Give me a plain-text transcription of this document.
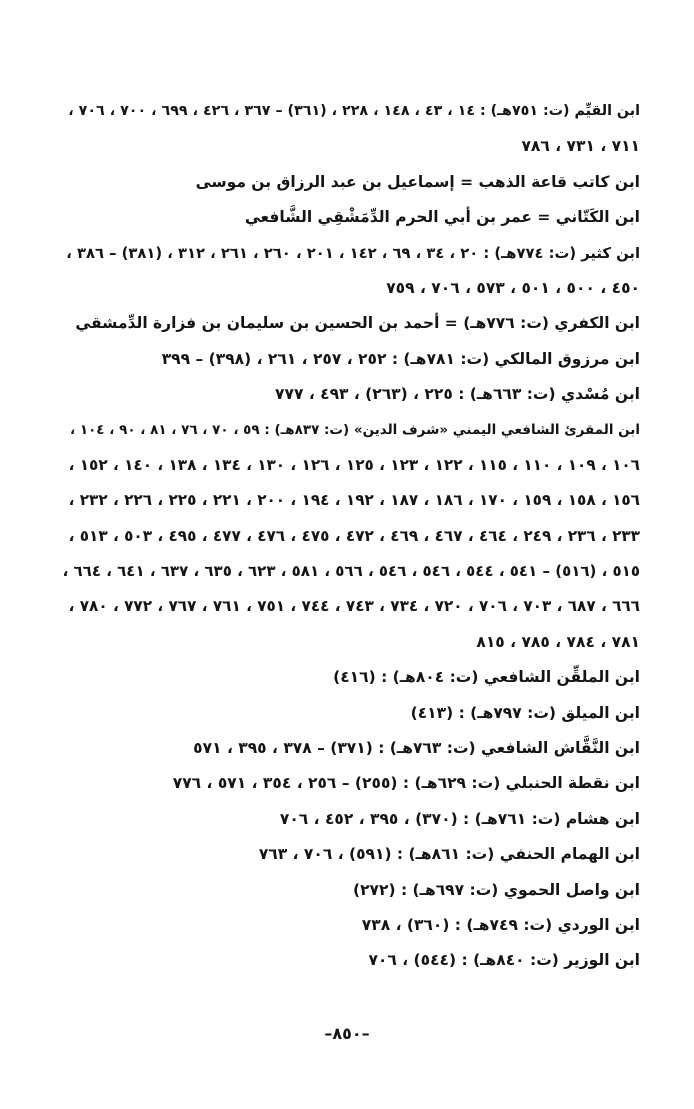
ابن القيِّم (ت: ٧٥١هـ) : ١٤ ، ٤٣ ، ١٤٨ ، ٢٢٨ ، (٣٦١) – ٣٦٧ ، ٤٢٦ ، ٦٩٩ ، ٧٠٠ ، ٧٠٦ ،
٧١١ ، ٧٣١ ، ٧٨٦
ابن كاتب قاعة الذهب = إسماعيل بن عبد الرزاق بن موسى
ابن الكَتّاني = عمر بن أبي الحرم الدِّمَشْقِي الشَّافعي
ابن كثير (ت: ٧٧٤هـ) : ٢٠ ، ٣٤ ، ٦٩ ، ١٤٢ ، ٢٠١ ، ٢٦٠ ، ٢٦١ ، ٣١٢ ، (٣٨١) – ٣٨٦ ،
٤٥٠ ، ٥٠٠ ، ٥٠١ ، ٥٧٣ ، ٧٠٦ ، ٧٥٩
ابن الكفري (ت: ٧٧٦هـ) = أحمد بن الحسين بن سليمان بن فزارة الدِّمشقي
ابن مرزوق المالكي (ت: ٧٨١هـ) : ٢٥٢ ، ٢٥٧ ، ٢٦١ ، (٣٩٨) – ٣٩٩
ابن مُسْدي (ت: ٦٦٣هـ) : ٢٢٥ ، (٢٦٣) ، ٤٩٣ ، ٧٧٧
ابن المقرئ الشافعي اليمني «شرف الدين» (ت: ٨٣٧هـ) : ٥٩ ، ٧٠ ، ٧٦ ، ٨١ ، ٩٠ ، ١٠٤ ،
١٠٦ ، ١٠٩ ، ١١٠ ، ١١٥ ، ١٢٢ ، ١٢٣ ، ١٢٥ ، ١٢٦ ، ١٣٠ ، ١٣٤ ، ١٣٨ ، ١٤٠ ، ١٥٢ ،
١٥٦ ، ١٥٨ ، ١٥٩ ، ١٧٠ ، ١٨٦ ، ١٨٧ ، ١٩٢ ، ١٩٤ ، ٢٠٠ ، ٢٢١ ، ٢٢٥ ، ٢٢٦ ، ٢٣٢ ،
٢٣٣ ، ٢٣٦ ، ٢٤٩ ، ٤٦٤ ، ٤٦٧ ، ٤٦٩ ، ٤٧٢ ، ٤٧٥ ، ٤٧٦ ، ٤٧٧ ، ٤٩٥ ، ٥٠٣ ، ٥١٣ ،
٥١٥ ، (٥١٦) – ٥٤١ ، ٥٤٤ ، ٥٤٦ ، ٥٤٦ ، ٥٦٦ ، ٥٨١ ، ٦٢٣ ، ٦٣٥ ، ٦٣٧ ، ٦٤١ ، ٦٦٤ ،
٦٦٦ ، ٦٨٧ ، ٧٠٣ ، ٧٠٦ ، ٧٢٠ ، ٧٣٤ ، ٧٤٣ ، ٧٤٤ ، ٧٥١ ، ٧٦١ ، ٧٦٧ ، ٧٧٢ ، ٧٨٠ ،
٧٨١ ، ٧٨٤ ، ٧٨٥ ، ٨١٥
ابن الملقِّن الشافعي (ت: ٨٠٤هـ) : (٤١٦)
ابن الميلق (ت: ٧٩٧هـ) : (٤١٣)
ابن النَّقَّاش الشافعي (ت: ٧٦٣هـ) : (٣٧١) – ٣٧٨ ، ٣٩٥ ، ٥٧١
ابن نقطة الحنبلي (ت: ٦٢٩هـ) : (٢٥٥) – ٢٥٦ ، ٣٥٤ ، ٥٧١ ، ٧٧٦
ابن هشام (ت: ٧٦١هـ) : (٣٧٠) ، ٣٩٥ ، ٤٥٢ ، ٧٠٦
ابن الهمام الحنفي (ت: ٨٦١هـ) : (٥٩١) ، ٧٠٦ ، ٧٦٣
ابن واصل الحموي (ت: ٦٩٧هـ) : (٢٧٢)
ابن الوردي (ت: ٧٤٩هـ) : (٣٦٠) ، ٧٣٨
ابن الوزير (ت: ٨٤٠هـ) : (٥٤٤) ، ٧٠٦
–٨٥٠–
